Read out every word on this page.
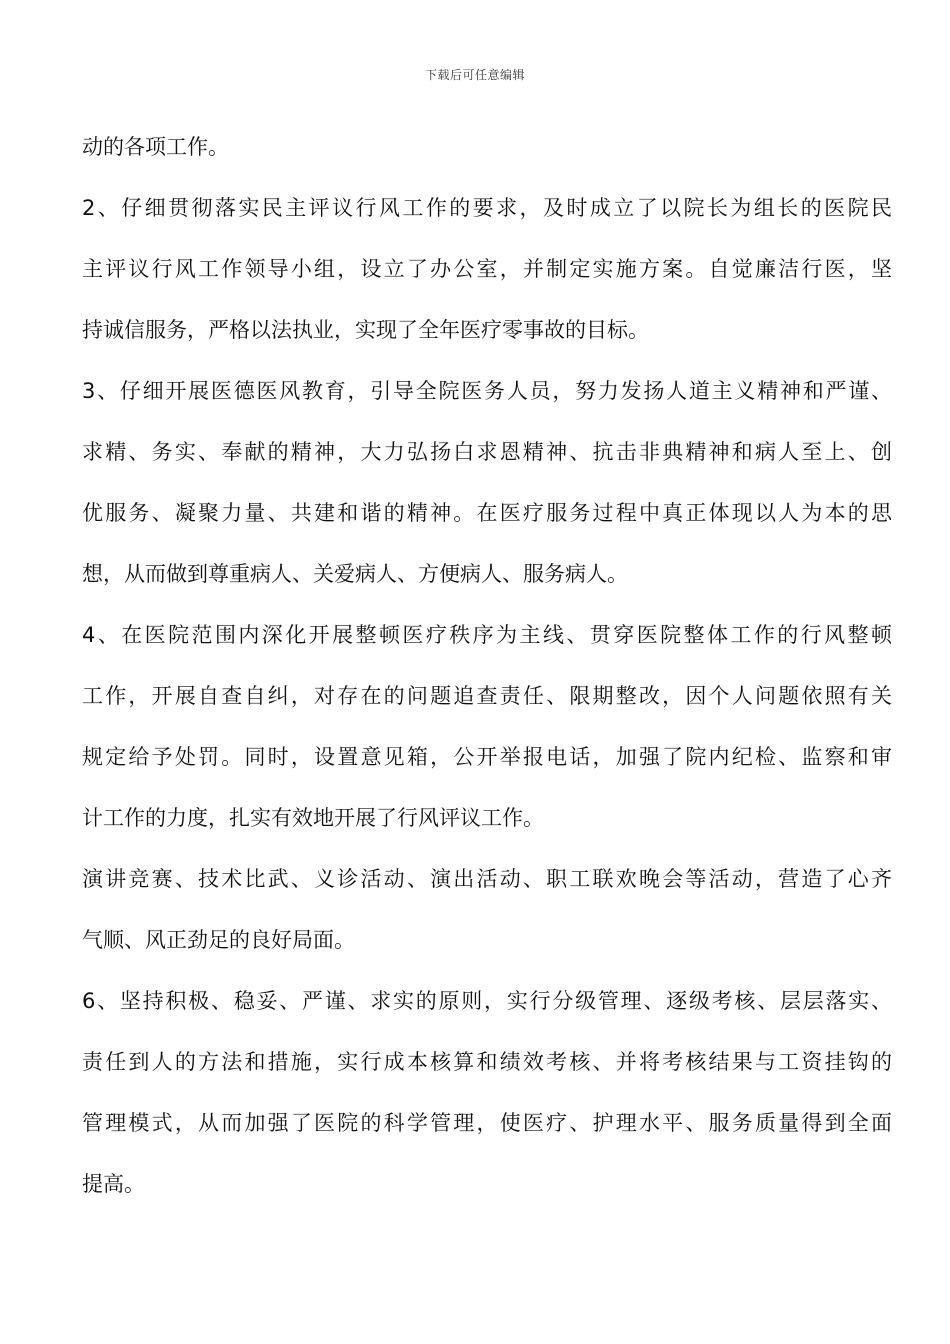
下载后可任意编辑
动的各项工作。
2、仔细贯彻落实民主评议行风工作的要求，及时成立了以院长为组长的医院民
主评议行风工作领导小组，设立了办公室，并制定实施方案。自觉廉洁行医，坚
持诚信服务，严格以法执业，实现了全年医疗零事故的目标。
3、仔细开展医德医风教育，引导全院医务人员，努力发扬人道主义精神和严谨、
求精、务实、奉献的精神，大力弘扬白求恩精神、抗击非典精神和病人至上、创
优服务、凝聚力量、共建和谐的精神。在医疗服务过程中真正体现以人为本的思
想，从而做到尊重病人、关爱病人、方便病人、服务病人。
4、在医院范围内深化开展整顿医疗秩序为主线、贯穿医院整体工作的行风整顿
工作，开展自查自纠，对存在的问题追查责任、限期整改，因个人问题依照有关
规定给予处罚。同时，设置意见箱，公开举报电话，加强了院内纪检、监察和审
计工作的力度，扎实有效地开展了行风评议工作。
演讲竞赛、技术比武、义诊活动、演出活动、职工联欢晚会等活动，营造了心齐
气顺、风正劲足的良好局面。
6、坚持积极、稳妥、严谨、求实的原则，实行分级管理、逐级考核、层层落实、
责任到人的方法和措施，实行成本核算和绩效考核、并将考核结果与工资挂钩的
管理模式，从而加强了医院的科学管理，使医疗、护理水平、服务质量得到全面
提高。
